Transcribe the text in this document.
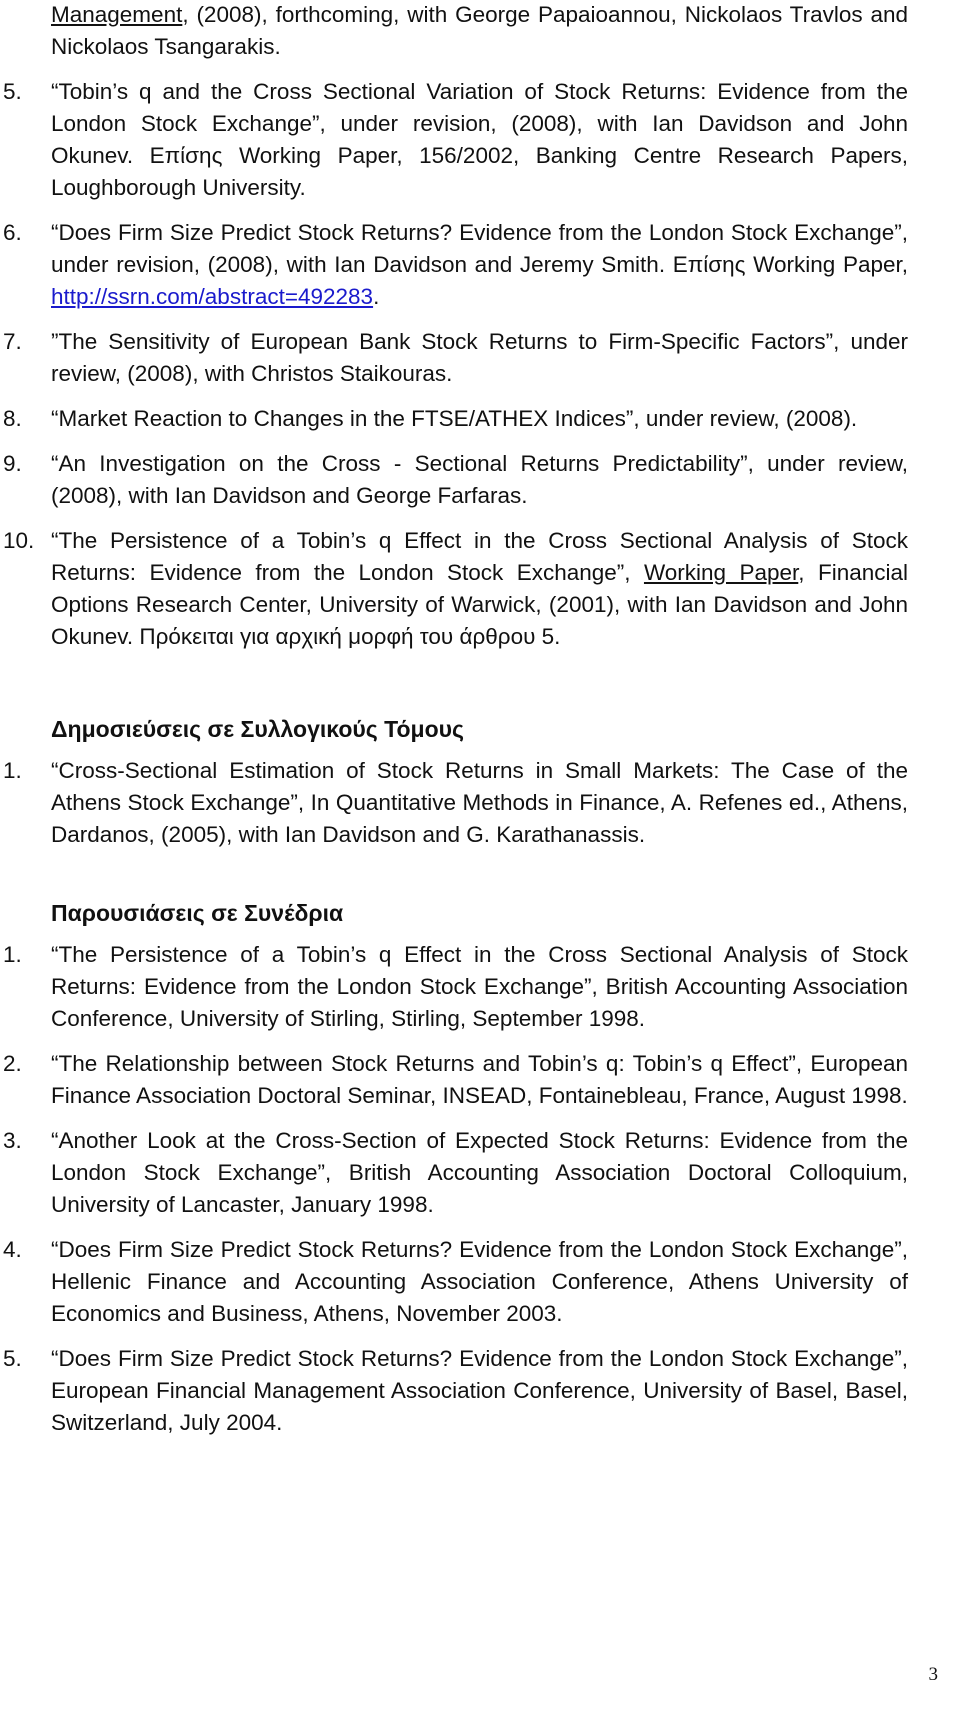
Management, (2008), forthcoming, with George Papaioannou, Nickolaos Travlos and Nickolaos Tsangarakis.
5. “Tobin’s q and the Cross Sectional Variation of Stock Returns: Evidence from the London Stock Exchange”, under revision, (2008), with Ian Davidson and John Okunev. Επίσης Working Paper, 156/2002, Banking Centre Research Papers, Loughborough University.
6. “Does Firm Size Predict Stock Returns? Evidence from the London Stock Exchange”, under revision, (2008), with Ian Davidson and Jeremy Smith. Επίσης Working Paper, http://ssrn.com/abstract=492283.
7. ”The Sensitivity of European Bank Stock Returns to Firm-Specific Factors”, under review, (2008), with Christos Staikouras.
8. “Market Reaction to Changes in the FTSE/ATHEX Indices”, under review, (2008).
9. “An Investigation on the Cross - Sectional Returns Predictability”, under review, (2008), with Ian Davidson and George Farfaras.
10. “The Persistence of a Tobin’s q Effect in the Cross Sectional Analysis of Stock Returns: Evidence from the London Stock Exchange”, Working Paper, Financial Options Research Center, University of Warwick, (2001), with Ian Davidson and John Okunev. Πρόκειται για αρχική μορφή του άρθρου 5.
Δημοσιεύσεις σε Συλλογικούς Τόμους
1. “Cross-Sectional Estimation of Stock Returns in Small Markets: The Case of the Athens Stock Exchange”, In Quantitative Methods in Finance, A. Refenes ed., Athens, Dardanos, (2005), with Ian Davidson and G. Karathanassis.
Παρουσιάσεις σε Συνέδρια
1. “The Persistence of a Tobin’s q Effect in the Cross Sectional Analysis of Stock Returns: Evidence from the London Stock Exchange”, British Accounting Association Conference, University of Stirling, Stirling, September 1998.
2. “The Relationship between Stock Returns and Tobin’s q: Tobin’s q Effect”, European Finance Association Doctoral Seminar, INSEAD, Fontainebleau, France, August 1998.
3. “Another Look at the Cross-Section of Expected Stock Returns: Evidence from the London Stock Exchange”, British Accounting Association Doctoral Colloquium, University of Lancaster, January 1998.
4. “Does Firm Size Predict Stock Returns? Evidence from the London Stock Exchange”, Hellenic Finance and Accounting Association Conference, Athens University of Economics and Business, Athens, November 2003.
5. “Does Firm Size Predict Stock Returns? Evidence from the London Stock Exchange”, European Financial Management Association Conference, University of Basel, Basel, Switzerland, July 2004.
3
